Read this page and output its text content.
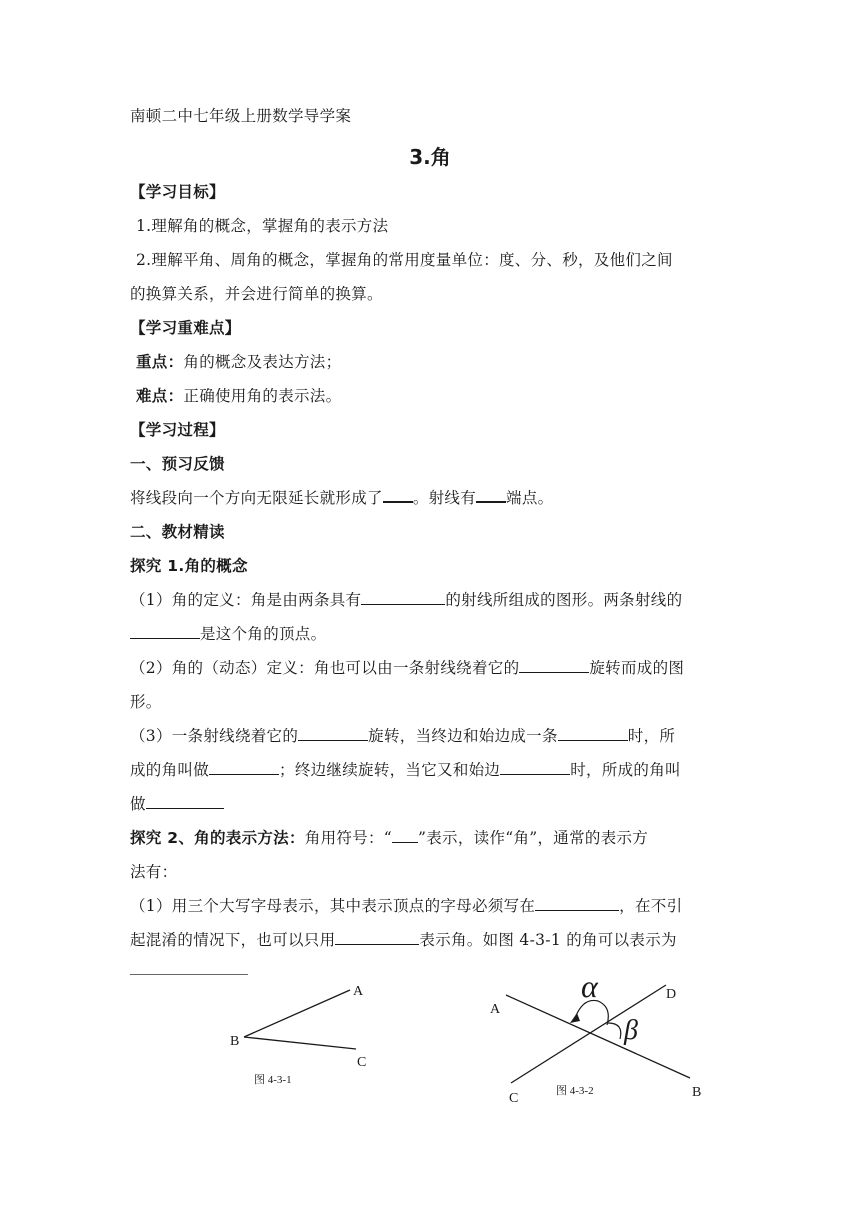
南顿二中七年级上册数学导学案
3.角
【学习目标】
1.理解角的概念，掌握角的表示方法
2.理解平角、周角的概念，掌握角的常用度量单位：度、分、秒，及他们之间
的换算关系，并会进行简单的换算。
【学习重难点】
重点：角的概念及表达方法；
难点：正确使用角的表示法。
【学习过程】
一、预习反馈
将线段向一个方向无限延长就形成了 。射线有 端点。
二、教材精读
探究 1.角的概念
（1）角的定义：角是由两条具有	的射线所组成的图形。两条射线的
是这个角的顶点。
（2）角的（动态）定义：角也可以由一条射线绕着它的	旋转而成的图
形。
（3）一条射线绕着它的	旋转，当终边和始边成一条	时，所
成的角叫做	；终边继续旋转，当它又和始边	时，所成的角叫
做
探究 2、角的表示方法：角用符号：“ ”表示，读作“角”，通常的表示方
法有：
（1）用三个大写字母表示，其中表示顶点的字母必须写在	，在不引
起混淆的情况下，也可以只用	表示角。如图 4-3-1 的角可以表示为
A
B
C
图 4-3-1
α
β
A
D
C	B
图 4-3-2
